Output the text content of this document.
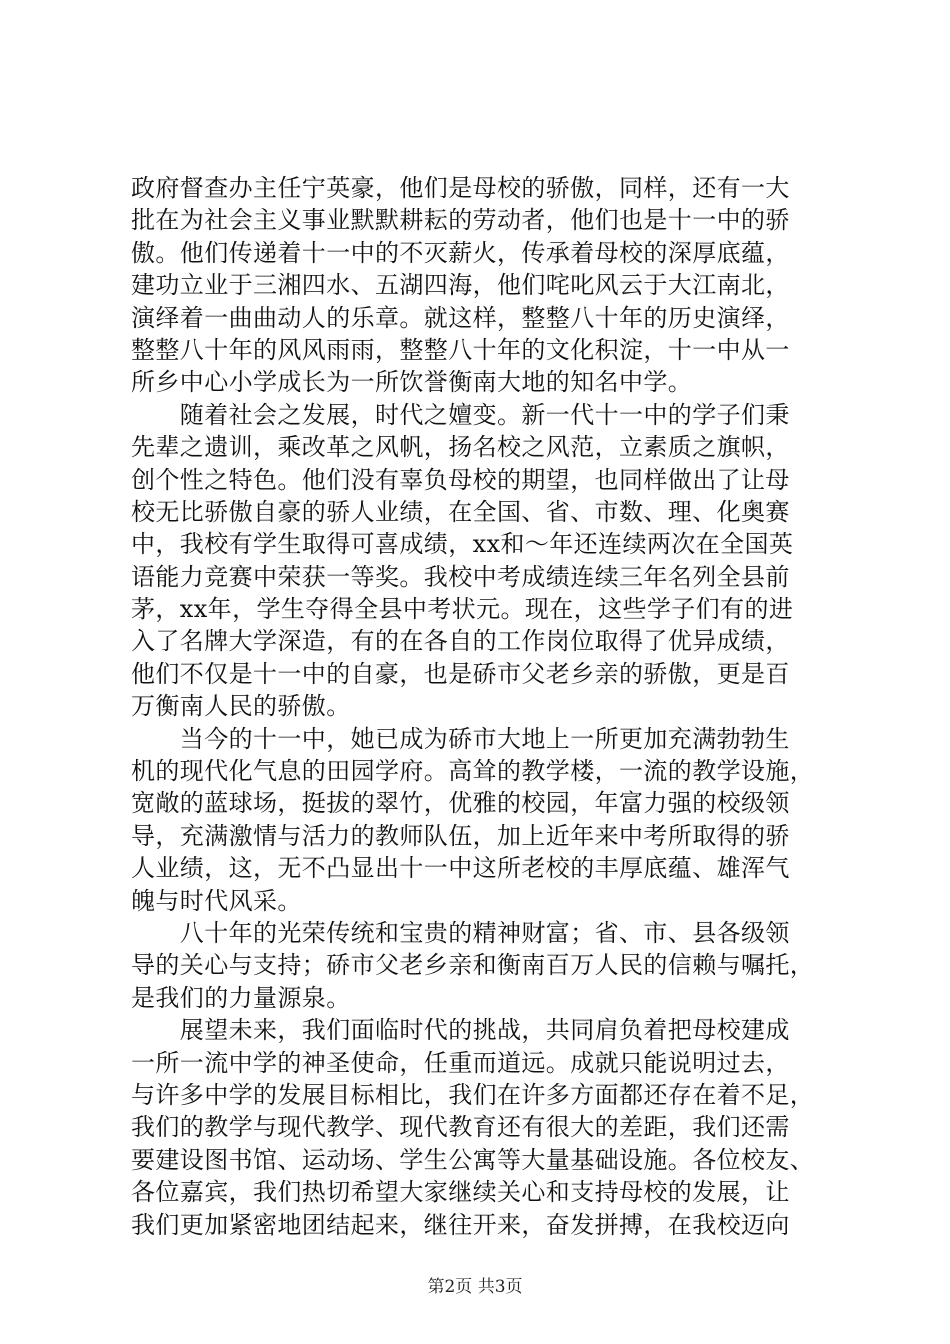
政府督查办主任宁英豪，他们是母校的骄傲，同样，还有一大
批在为社会主义事业默默耕耘的劳动者，他们也是十一中的骄
傲。他们传递着十一中的不灭薪火，传承着母校的深厚底蕴，
建功立业于三湘四水、五湖四海，他们咤叱风云于大江南北，
演绎着一曲曲动人的乐章。就这样，整整八十年的历史演绎，
整整八十年的风风雨雨，整整八十年的文化积淀，十一中从一
所乡中心小学成长为一所饮誉衡南大地的知名中学。
　　随着社会之发展，时代之嬗变。新一代十一中的学子们秉
先辈之遗训，乘改革之风帆，扬名校之风范，立素质之旗帜，
创个性之特色。他们没有辜负母校的期望，也同样做出了让母
校无比骄傲自豪的骄人业绩，在全国、省、市数、理、化奥赛
中，我校有学生取得可喜成绩，xx和～年还连续两次在全国英
语能力竞赛中荣获一等奖。我校中考成绩连续三年名列全县前
茅，xx年，学生夺得全县中考状元。现在，这些学子们有的进
入了名牌大学深造，有的在各自的工作岗位取得了优异成绩，
他们不仅是十一中的自豪，也是硚市父老乡亲的骄傲，更是百
万衡南人民的骄傲。
　　当今的十一中，她已成为硚市大地上一所更加充满勃勃生
机的现代化气息的田园学府。高耸的教学楼，一流的教学设施，
宽敞的蓝球场，挺拔的翠竹，优雅的校园，年富力强的校级领
导，充满激情与活力的教师队伍，加上近年来中考所取得的骄
人业绩，这，无不凸显出十一中这所老校的丰厚底蕴、雄浑气
魄与时代风采。
　　八十年的光荣传统和宝贵的精神财富；省、市、县各级领
导的关心与支持；硚市父老乡亲和衡南百万人民的信赖与嘱托，
是我们的力量源泉。
　　展望未来，我们面临时代的挑战，共同肩负着把母校建成
一所一流中学的神圣使命，任重而道远。成就只能说明过去，
与许多中学的发展目标相比，我们在许多方面都还存在着不足，
我们的教学与现代教学、现代教育还有很大的差距，我们还需
要建设图书馆、运动场、学生公寓等大量基础设施。各位校友、
各位嘉宾，我们热切希望大家继续关心和支持母校的发展，让
我们更加紧密地团结起来，继往开来，奋发拼搏，在我校迈向
第2页 共3页
